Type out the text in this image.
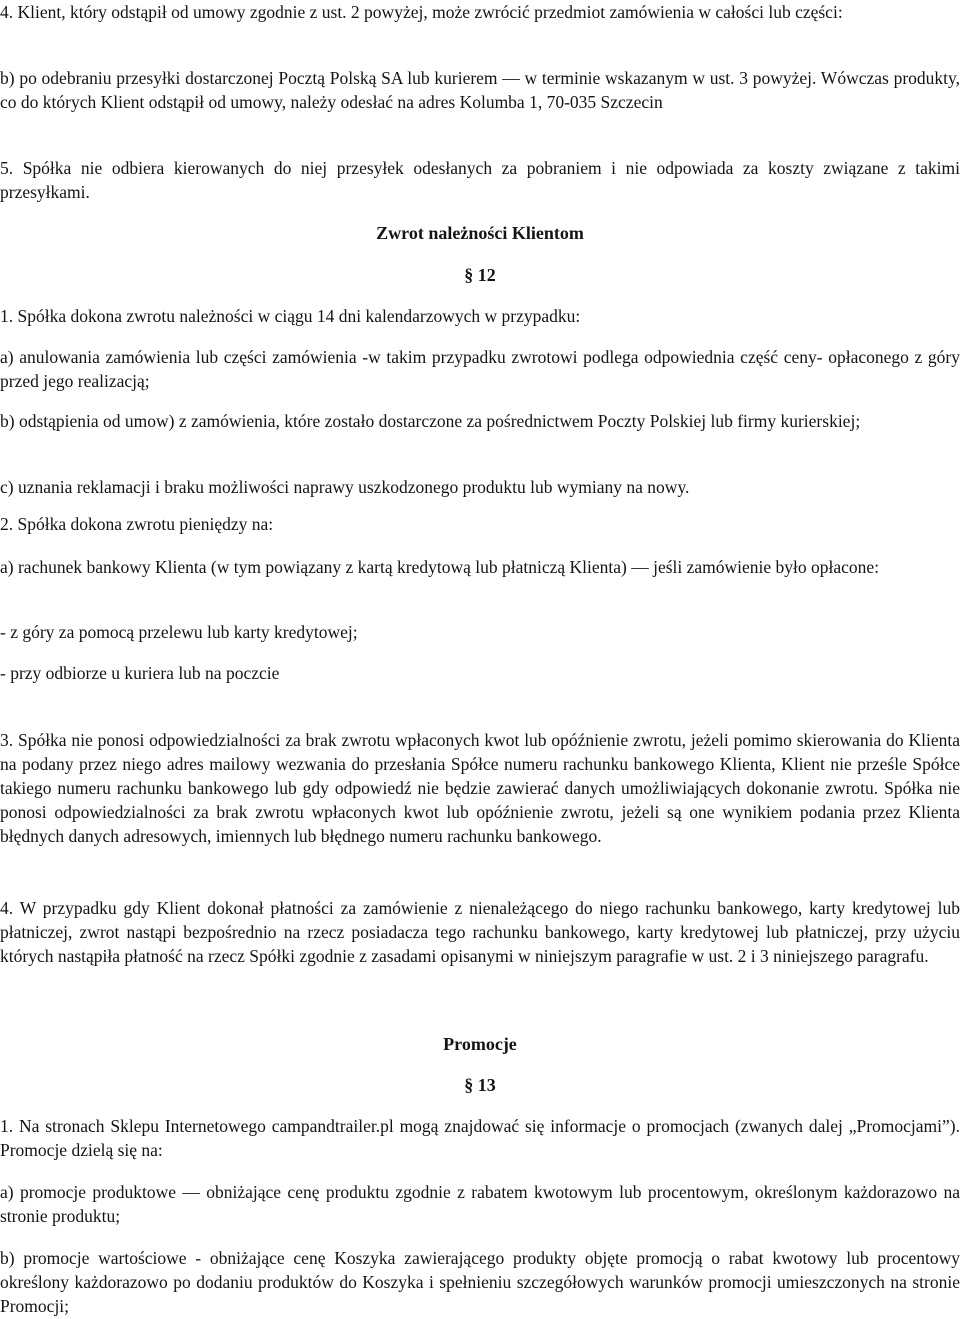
4. Klient, który odstąpił od umowy zgodnie z ust. 2 powyżej, może zwrócić przedmiot zamówienia w całości lub części:

b) po odebraniu przesyłki dostarczonej Pocztą Polską SA lub kurierem — w terminie wskazanym w ust. 3 powyżej. Wówczas produkty, co do których Klient odstąpił od umowy, należy odesłać na adres Kolumba 1, 70-035 Szczecin

5. Spółka nie odbiera kierowanych do niej przesyłek odesłanych za pobraniem i nie odpowiada za koszty związane z takimi przesyłkami.

Zwrot należności Klientom

§ 12

1. Spółka dokona zwrotu należności w ciągu 14 dni kalendarzowych w przypadku:

a) anulowania zamówienia lub części zamówienia -w takim przypadku zwrotowi podlega odpowiednia część ceny- opłaconego z góry przed jego realizacją;

b) odstąpienia od umow) z zamówienia, które zostało dostarczone za pośrednictwem Poczty Polskiej lub firmy kurierskiej;

c) uznania reklamacji i braku możliwości naprawy uszkodzonego produktu lub wymiany na nowy.

2. Spółka dokona zwrotu pieniędzy na:

a) rachunek bankowy Klienta (w tym powiązany z kartą kredytową lub płatniczą Klienta) — jeśli zamówienie było opłacone:

- z góry za pomocą przelewu lub karty kredytowej;

- przy odbiorze u kuriera lub na poczcie

3. Spółka nie ponosi odpowiedzialności za brak zwrotu wpłaconych kwot lub opóźnienie zwrotu, jeżeli pomimo skierowania do Klienta na podany przez niego adres mailowy wezwania do przesłania Spółce numeru rachunku bankowego Klienta, Klient nie prześle Spółce takiego numeru rachunku bankowego lub gdy odpowiedź nie będzie zawierać danych umożliwiających dokonanie zwrotu. Spółka nie ponosi odpowiedzialności za brak zwrotu wpłaconych kwot lub opóźnienie zwrotu, jeżeli są one wynikiem podania przez Klienta błędnych danych adresowych, imiennych lub błędnego numeru rachunku bankowego.

4. W przypadku gdy Klient dokonał płatności za zamówienie z nienależącego do niego rachunku bankowego, karty kredytowej lub płatniczej, zwrot nastąpi bezpośrednio na rzecz posiadacza tego rachunku bankowego, karty kredytowej lub płatniczej, przy użyciu których nastąpiła płatność na rzecz Spółki zgodnie z zasadami opisanymi w niniejszym paragrafie w ust. 2 i 3 niniejszego paragrafu.

Promocje

§ 13

1. Na stronach Sklepu Internetowego campandtrailer.pl mogą znajdować się informacje o promocjach (zwanych dalej „Promocjami”). Promocje dzielą się na:

a) promocje produktowe — obniżające cenę produktu zgodnie z rabatem kwotowym lub procentowym, określonym każdorazowo na stronie produktu;

b) promocje wartościowe - obniżające cenę Koszyka zawierającego produkty objęte promocją o rabat kwotowy lub procentowy określony każdorazowo po dodaniu produktów do Koszyka i spełnieniu szczegółowych warunków promocji umieszczonych na stronie Promocji;
